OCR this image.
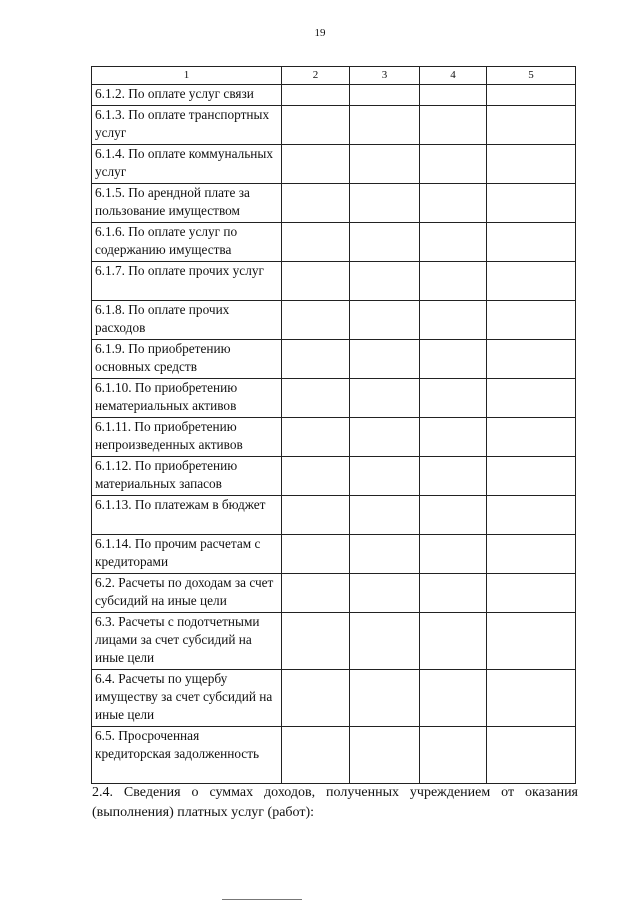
19
1	2	3	4	5

6.1.2. По оплате услуг связи				

6.1.3. По оплате транспортных услуг				

6.1.4. По оплате коммунальных услуг				

6.1.5. По арендной плате за пользование имуществом				

6.1.6. По оплате услуг по содержанию имущества				

6.1.7. По оплате прочих услуг				

6.1.8. По оплате прочих расходов				

6.1.9. По приобретению основных средств				

6.1.10. По приобретению нематериальных активов				

6.1.11. По приобретению непроизведенных активов				

6.1.12. По приобретению материальных запасов				

6.1.13. По платежам в бюджет				

6.1.14. По прочим расчетам с кредиторами				

6.2. Расчеты по доходам за счет субсидий на иные цели				

6.3. Расчеты с подотчетными лицами за счет субсидий на иные цели				

6.4. Расчеты по ущербу имуществу за счет субсидий на иные цели				

6.5. Просроченная кредиторская задолженность				

2.4. Сведения о суммах доходов, полученных учреждением от оказания (выполнения) платных услуг (работ):
